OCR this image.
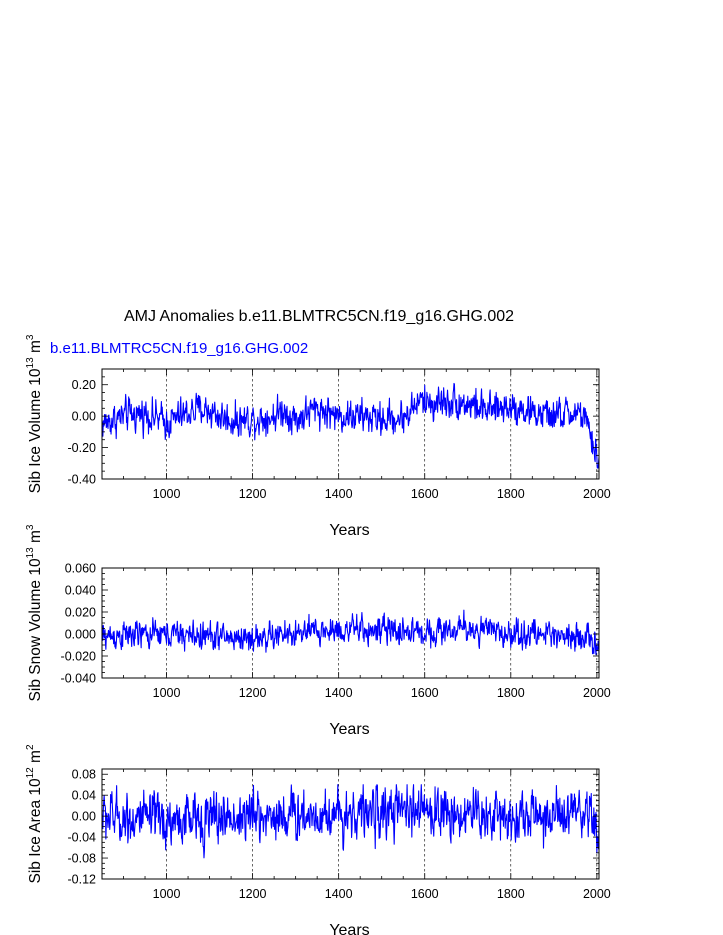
AMJ Anomalies b.e11.BLMTRC5CN.f19_g16.GHG.002
b.e11.BLMTRC5CN.f19_g16.GHG.002
1000	1200	1400	1600	1800	2000
0.20
0.00
-0.20
-0.40
Years
Sib Ice Volume $10^{13}$ $m^3$
1000	1200	1400	1600	1800	2000
0.060
0.040
0.020
0.000
-0.020
-0.040
Years
Sib Snow Volume $10^{13}$ $m^3$
1000	1200	1400	1600	1800	2000
0.08
0.04
0.00
-0.04
-0.08
-0.12
Years
Sib Ice Area $10^{12}$ $m^2$
